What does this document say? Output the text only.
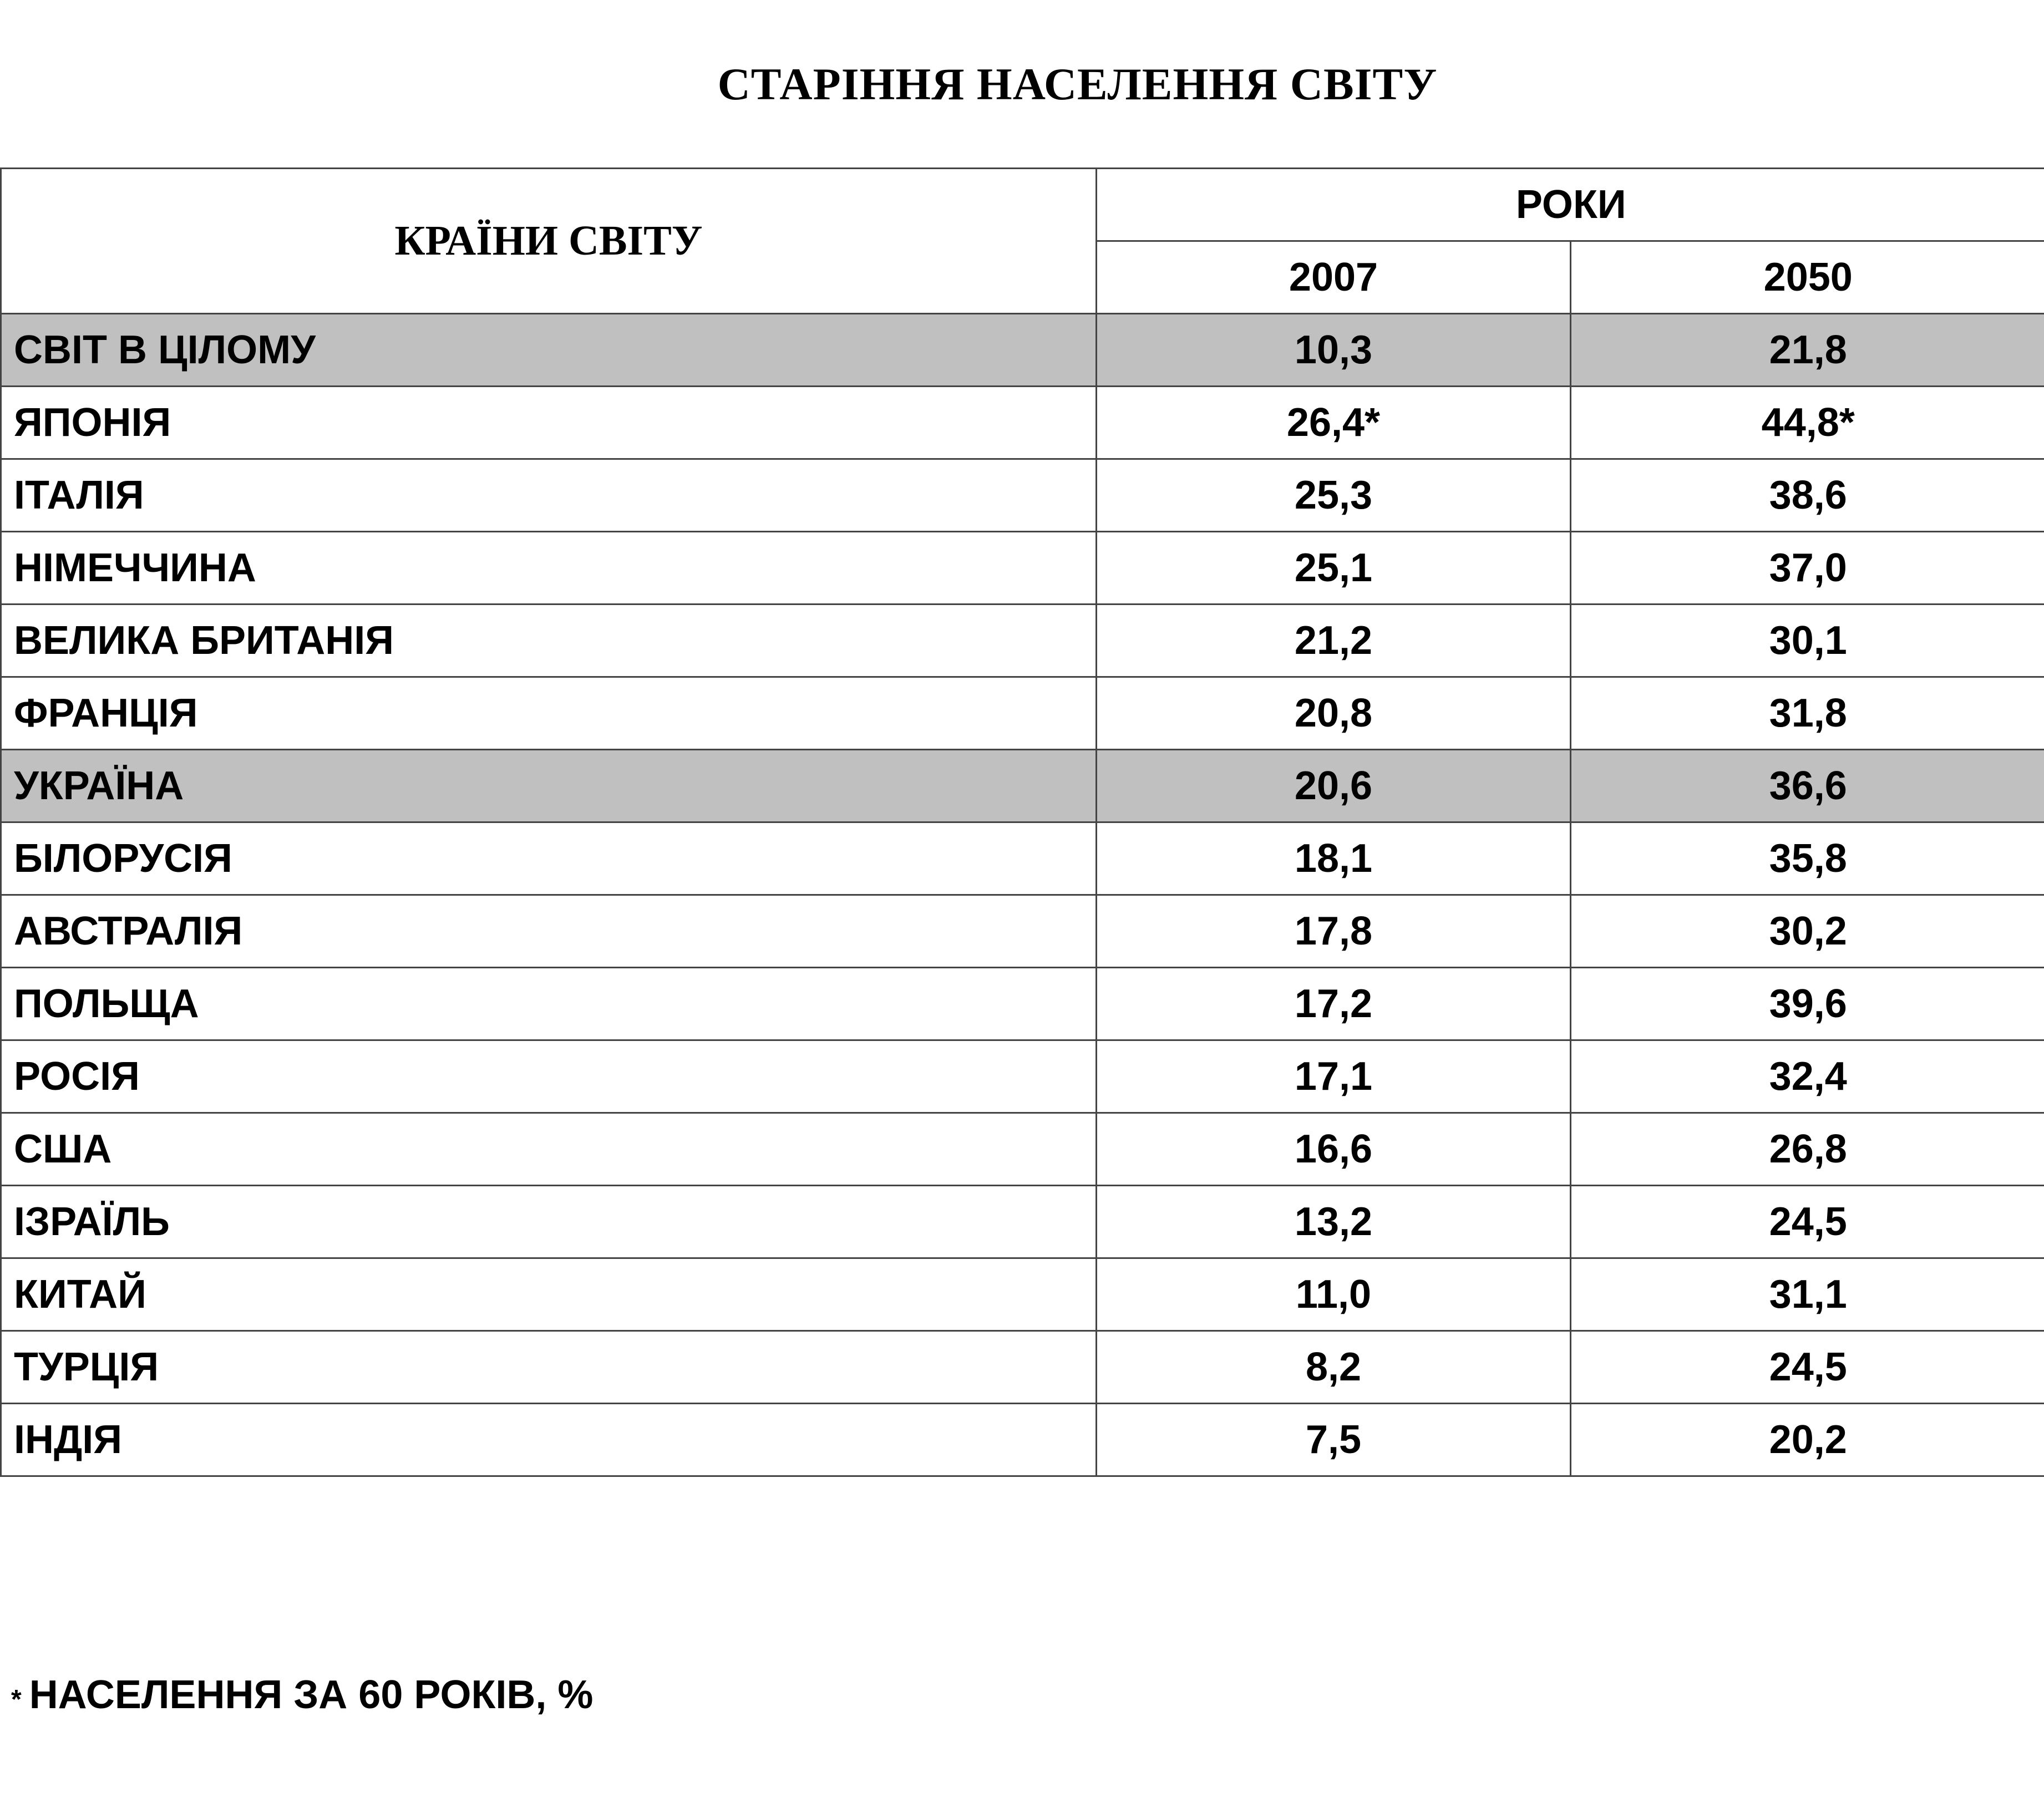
СТАРІННЯ НАСЕЛЕННЯ СВІТУ
КРАЇНИ СВІТУ	РОКИ	
	2007	2050
СВІТ В ЦІЛОМУ	10,3	21,8
ЯПОНІЯ	26,4*	44,8*
ІТАЛІЯ	25,3	38,6
НІМЕЧЧИНА	25,1	37,0
ВЕЛИКА БРИТАНІЯ	21,2	30,1
ФРАНЦІЯ	20,8	31,8
УКРАЇНА	20,6	36,6
БІЛОРУСІЯ	18,1	35,8
АВСТРАЛІЯ	17,8	30,2
ПОЛЬЩА	17,2	39,6
РОСІЯ	17,1	32,4
США	16,6	26,8
ІЗРАЇЛЬ	13,2	24,5
КИТАЙ	11,0	31,1
ТУРЦІЯ	8,2	24,5
ІНДІЯ	7,5	20,2
* НАСЕЛЕННЯ ЗА 60 РОКІВ, %
